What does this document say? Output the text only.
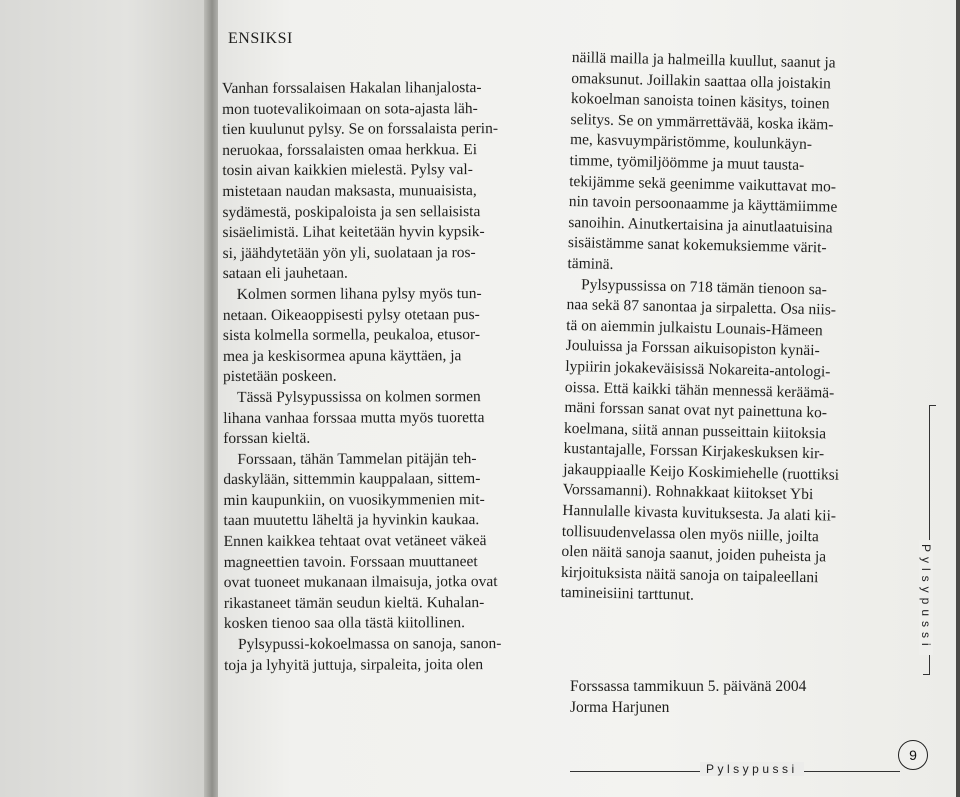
ENSIKSI
Vanhan forssalaisen Hakalan lihanjalosta-
mon tuotevalikoimaan on sota-ajasta läh-
tien kuulunut pylsy. Se on forssalaista perin-
neruokaa, forssalaisten omaa herkkua. Ei
tosin aivan kaikkien mielestä. Pylsy val-
mistetaan naudan maksasta, munuaisista,
sydämestä, poskipaloista ja sen sellaisista
sisäelimistä. Lihat keitetään hyvin kypsik-
si, jäähdytetään yön yli, suolataan ja ros-
sataan eli jauhetaan.
Kolmen sormen lihana pylsy myös tun-
netaan. Oikeaoppisesti pylsy otetaan pus-
sista kolmella sormella, peukaloa, etusor-
mea ja keskisormea apuna käyttäen, ja
pistetään poskeen.
Tässä Pylsypussissa on kolmen sormen
lihana vanhaa forssaa mutta myös tuoretta
forssan kieltä.
Forssaan, tähän Tammelan pitäjän teh-
daskylään, sittemmin kauppalaan, sittem-
min kaupunkiin, on vuosikymmenien mit-
taan muutettu läheltä ja hyvinkin kaukaa.
Ennen kaikkea tehtaat ovat vetäneet väkeä
magneettien tavoin. Forssaan muuttaneet
ovat tuoneet mukanaan ilmaisuja, jotka ovat
rikastaneet tämän seudun kieltä. Kuhalan-
kosken tienoo saa olla tästä kiitollinen.
Pylsypussi-kokoelmassa on sanoja, sanon-
toja ja lyhyitä juttuja, sirpaleita, joita olen
näillä mailla ja halmeilla kuullut, saanut ja
omaksunut. Joillakin saattaa olla joistakin
kokoelman sanoista toinen käsitys, toinen
selitys. Se on ymmärrettävää, koska ikäm-
me, kasvuympäristömme, koulunkäyn-
timme, työmiljöömme ja muut tausta-
tekijämme sekä geenimme vaikuttavat mo-
nin tavoin persoonaamme ja käyttämiimme
sanoihin. Ainutkertaisina ja ainutlaatuisina
sisäistämme sanat kokemuksiemme värit-
täminä.
Pylsypussissa on 718 tämän tienoon sa-
naa sekä 87 sanontaa ja sirpaletta. Osa niis-
tä on aiemmin julkaistu Lounais-Hämeen
Jouluissa ja Forssan aikuisopiston kynäi-
lypiirin jokakeväisissä Nokareita-antologi-
oissa. Että kaikki tähän mennessä keräämä-
mäni forssan sanat ovat nyt painettuna ko-
koelmana, siitä annan pusseittain kiitoksia
kustantajalle, Forssan Kirjakeskuksen kir-
jakauppiaalle Keijo Koskimiehelle (ruottiksi
Vorssamanni). Rohnakkaat kiitokset Ybi
Hannulalle kivasta kuvituksesta. Ja alati kii-
tollisuudenvelassa olen myös niille, joilta
olen näitä sanoja saanut, joiden puheista ja
kirjoituksista näitä sanoja on taipaleellani
tamineisiini tarttunut.
Forssassa tammikuun 5. päivänä 2004
Jorma Harjunen
Pylsypussi
Pylsypussi
9
